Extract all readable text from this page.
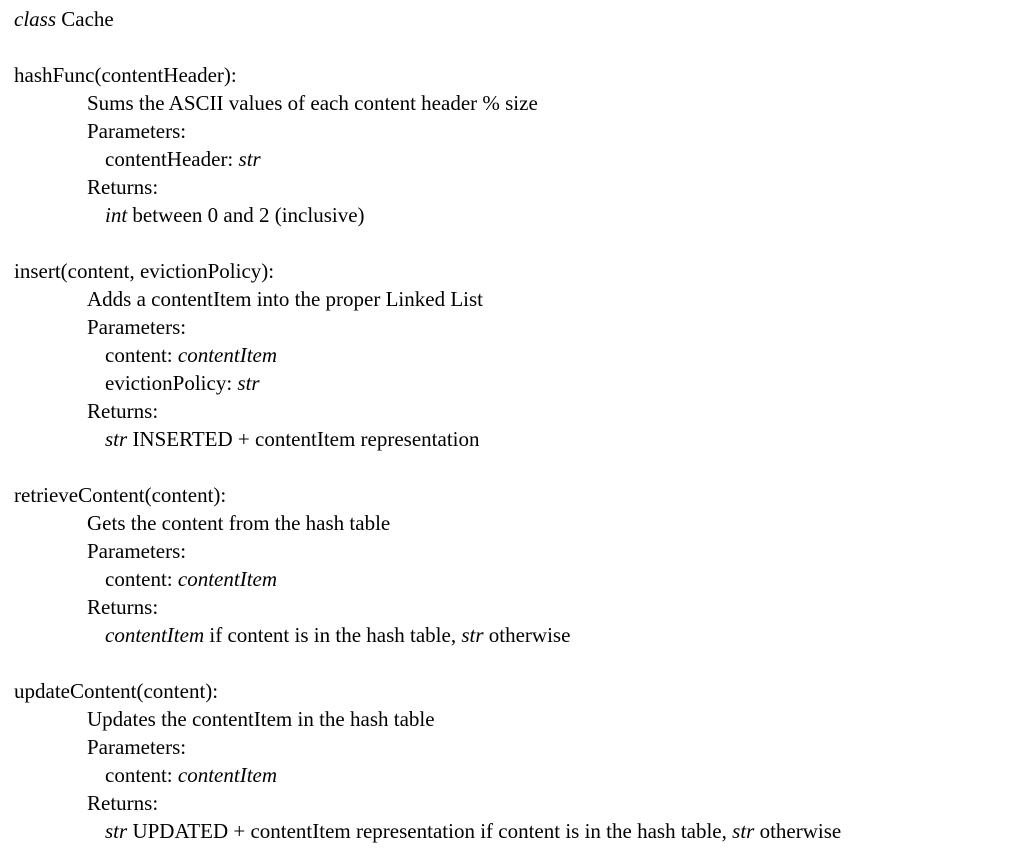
class Cache
hashFunc(contentHeader):
Sums the ASCII values of each content header % size
Parameters:
contentHeader: str
Returns:
int between 0 and 2 (inclusive)
insert(content, evictionPolicy):
Adds a contentItem into the proper Linked List
Parameters:
content: contentItem
evictionPolicy: str
Returns:
str INSERTED + contentItem representation
retrieveContent(content):
Gets the content from the hash table
Parameters:
content: contentItem
Returns:
contentItem if content is in the hash table, str otherwise
updateContent(content):
Updates the contentItem in the hash table
Parameters:
content: contentItem
Returns:
str UPDATED + contentItem representation if content is in the hash table, str otherwise
